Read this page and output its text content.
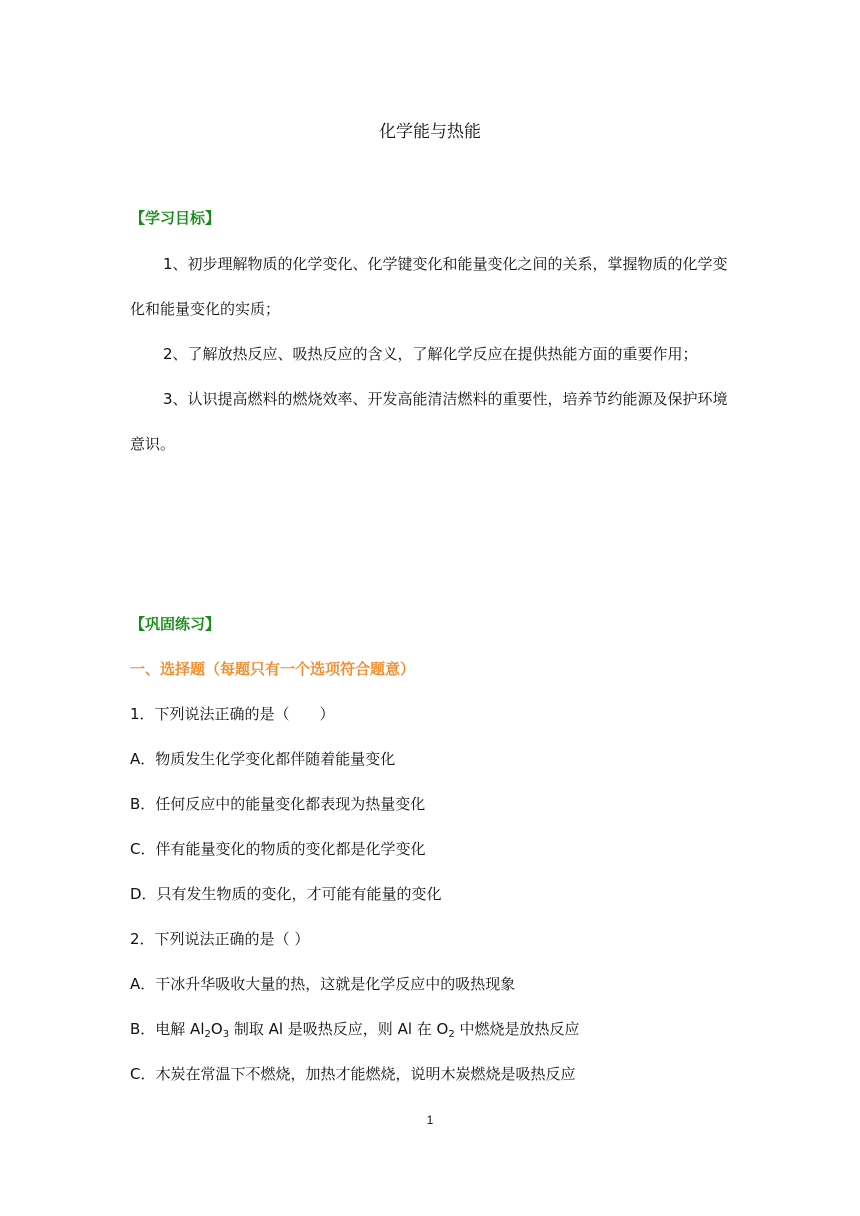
化学能与热能
【学习目标】
1、初步理解物质的化学变化、化学键变化和能量变化之间的关系，掌握物质的化学变
化和能量变化的实质；
2、了解放热反应、吸热反应的含义，了解化学反应在提供热能方面的重要作用；
3、认识提高燃料的燃烧效率、开发高能清洁燃料的重要性，培养节约能源及保护环境
意识。
【巩固练习】
一、选择题（每题只有一个选项符合题意）
1．下列说法正确的是（　　）
A．物质发生化学变化都伴随着能量变化
B．任何反应中的能量变化都表现为热量变化
C．伴有能量变化的物质的变化都是化学变化
D．只有发生物质的变化，才可能有能量的变化
2．下列说法正确的是（ ）
A．干冰升华吸收大量的热，这就是化学反应中的吸热现象
B．电解 $Al_2O_3$ 制取 Al 是吸热反应，则 Al 在 $O_2$ 中燃烧是放热反应
C．木炭在常温下不燃烧，加热才能燃烧，说明木炭燃烧是吸热反应
1
